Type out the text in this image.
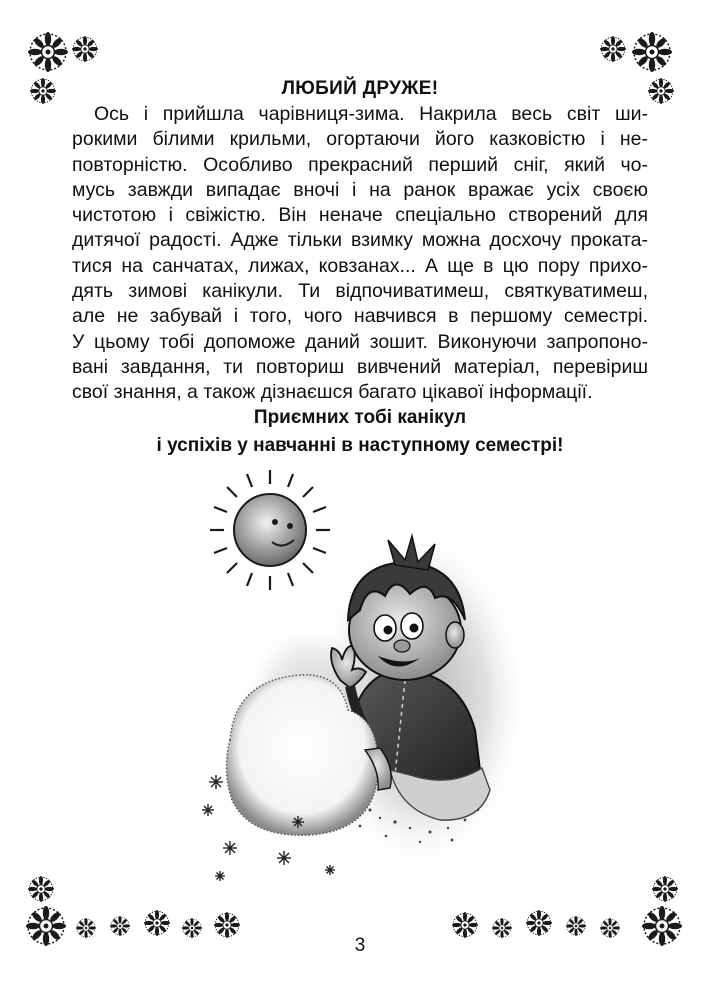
ЛЮБИЙ ДРУЖЕ!

Ось і прийшла чарівниця-зима. Накрила весь світ ши-
рокими білими крильми, огортаючи його казковістю і не-
повторністю. Особливо прекрасний перший сніг, який чо-
мусь завжди випадає вночі і на ранок вражає усіх своєю
чистотою і свіжістю. Він неначе спеціально створений для
дитячої радості. Адже тільки взимку можна досхочу проката-
тися на санчатах, лижах, ковзанах... А ще в цю пору прихо-
дять зимові канікули. Ти відпочиватимеш, святкуватимеш,
але не забувай і того, чого навчився в першому семестрі.
У цьому тобі допоможе даний зошит. Виконуючи запропоно-
вані завдання, ти повториш вивчений матеріал, перевіриш
свої знання, а також дізнаєшся багато цікавої інформації.

Приємних тобі канікул
і успіхів у навчанні в наступному семестрі!
3
